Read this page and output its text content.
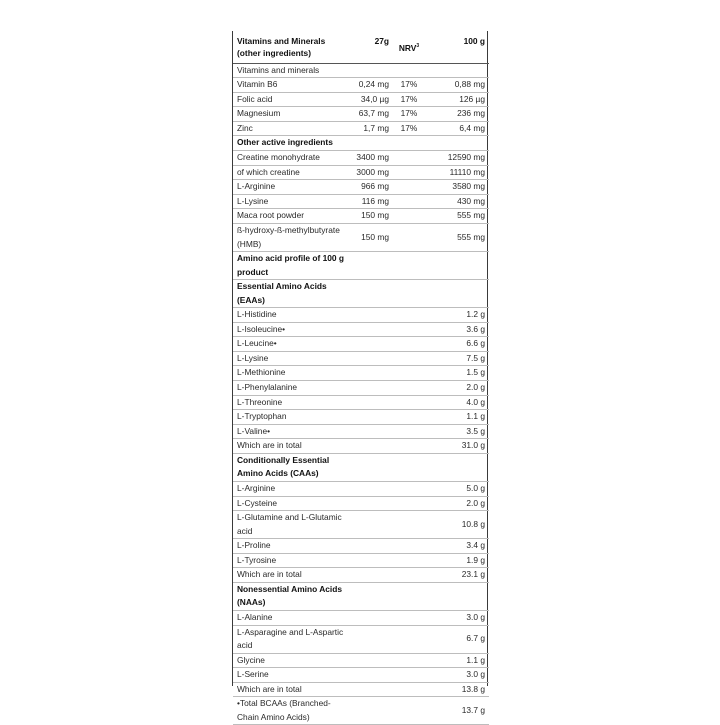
Vitamins and Minerals (other ingredients)	27g	NRV$^3$	100 g
Vitamins and minerals			
Vitamin B6	0,24 mg	17%	0,88 mg
Folic acid	34,0 µg	17%	126 µg
Magnesium	63,7 mg	17%	236 mg
Zinc	1,7 mg	17%	6,4 mg
Other active ingredients			
Creatine monohydrate	3400 mg		12590 mg
of which creatine	3000 mg		11110 mg
L-Arginine	966 mg		3580 mg
L-Lysine	116 mg		430 mg
Maca root powder	150 mg		555 mg
ß-hydroxy-ß-methylbutyrate (HMB)	150 mg		555 mg
Amino acid profile of 100 g product			
Essential Amino Acids (EAAs)			
L-Histidine			1.2 g
L-Isoleucine•			3.6 g
L-Leucine•			6.6 g
L-Lysine			7.5 g
L-Methionine			1.5 g
L-Phenylalanine			2.0 g
L-Threonine			4.0 g
L-Tryptophan			1.1 g
L-Valine•			3.5 g
Which are in total			31.0 g
Conditionally Essential Amino Acids (CAAs)			
L-Arginine			5.0 g
L-Cysteine			2.0 g
L-Glutamine and L-Glutamic acid			10.8 g
L-Proline			3.4 g
L-Tyrosine			1.9 g
Which are in total			23.1 g
Nonessential Amino Acids (NAAs)			
L-Alanine			3.0 g
L-Asparagine and L-Aspartic acid			6.7 g
Glycine			1.1 g
L-Serine			3.0 g
Which are in total			13.8 g
•Total BCAAs (Branched-Chain Amino Acids)			13.7 g
